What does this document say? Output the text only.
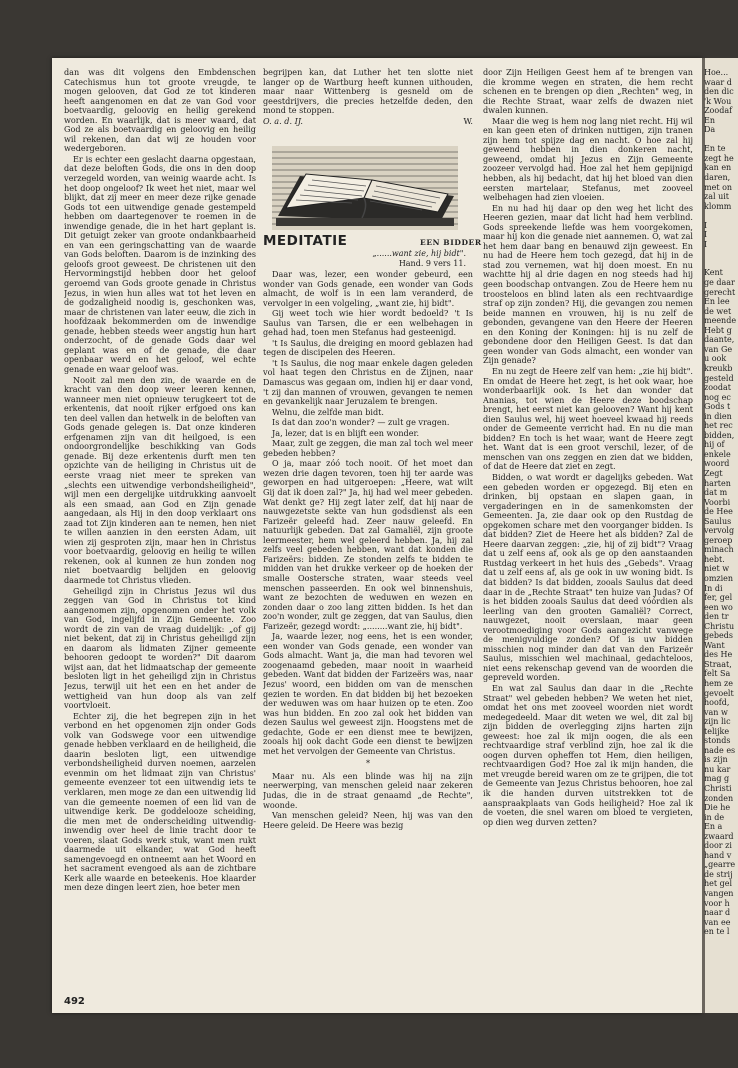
dan was dit volgens den Embdenschen Catechismus hun tot groote vreugde, te mogen gelooven, dat God ze tot kinderen heeft aangenomen en dat ze van God voor boetvaardig, geloovig en heilig gerekend worden. En waarlijk, dat is meer waard, dat God ze als boetvaardig en geloovig en heilig wil rekenen, dan dat wij ze houden voor wedergeboren.

Er is echter een geslacht daarna opgestaan, dat deze beloften Gods, die ons in den doop verzegeld worden, van weinig waarde acht. Is het doop ongeloof? Ik weet het niet, maar wel blijkt, dat zij meer en meer deze rijke genade Gods tot een uitwendige genade gestempeld hebben om daartegenover te roemen in de inwendige genade, die in het hart geplant is. Dit getuigt zeker van groote ondankbaarheid en van een geringschatting van de waarde van Gods beloften. Daarom is de inzinking des geloofs groot geweest. De christenen uit den Hervormingstijd hebben door het geloof geroemd van Gods groote genade in Christus Jezus, in wien hun alles wat tot het leven en de godzaligheid noodig is, geschonken was, maar de christenen van later eeuw, die zich in hoofdzaak bekommerden om de inwendige genade, hebben steeds weer angstig hun hart onderzocht, of de genade Gods daar wel geplant was en of de genade, die daar openbaar werd en het geloof, wel echte genade en waar geloof was.

Nooit zal men den zin, de waarde en de kracht van den doop weer leeren kennen, wanneer men niet opnieuw terugkeert tot de erkentenis, dat nooit rijker erfgoed ons kan ten deel vallen dan hetwelk in de beloften van Gods genade gelegen is. Dat onze kinderen erfgenamen zijn van dit heilgoed, is een ondoorgrondelijke beschikking van Gods genade. Bij deze erkentenis durft men ten opzichte van de heiliging in Christus uit de eerste vraag niet meer te spreken van „slechts een uitwendige verbondsheiligheid", wijl men een dergelijke uitdrukking aanvoelt als een smaad, aan God en Zijn genade aangedaan, als Hij in den doop verklaart ons zaad tot Zijn kinderen aan te nemen, hen niet te willen aanzien in den eersten Adam, uit wien zij gesproten zijn, maar hen in Christus voor boetvaardig, geloovig en heilig te willen rekenen, ook al kunnen ze hun zonden nog niet boetvaardig belijden en geloovig daarmede tot Christus vlieden.

Geheiligd zijn in Christus Jezus wil dus zeggen van God in Christus tot kind aangenomen zijn, opgenomen onder het volk van God, ingelijfd in Zijn Gemeente. Zoo wordt de zin van de vraag duidelijk: „of gij niet bekent, dat zij in Christus geheiligd zijn en daarom als lidmaten Zijner gemeente behooren gedoopt te worden?" Dit daarom wijst aan, dat het lidmaatschap der gemeente besloten ligt in het geheiligd zijn in Christus Jezus, terwijl uit het een en het ander de wettigheid van hun doop als van zelf voortvloeit.

Echter zij, die het begrepen zijn in het verbond en het opgenomen zijn onder Gods volk van Godswege voor een uitwendige genade hebben verklaard en de heiligheid, die daarin besloten ligt, een uitwendige verbondsheiligheid durven noemen, aarzelen evenmin om het lidmaat zijn van Christus' gemeente evenzeer tot een uitwendig iets te verklaren, men moge ze dan een uitwendig lid van die gemeente noemen of een lid van de uitwendige kerk. De goddelooze scheiding, die men met de onderscheiding uitwendig-inwendig over heel de linie tracht door te voeren, slaat Gods werk stuk, want men rukt daarmede uit elkander, wat God heeft samengevoegd en ontneemt aan het Woord en het sacrament evengoed als aan de zichtbare Kerk alle waarde en beteekenis. Hoe klaarder men deze dingen leert zien, hoe beter men

begrijpen kan, dat Luther het ten slotte niet langer op de Wartburg heeft kunnen uithouden, maar naar Wittenberg is gesneld om de geestdrijvers, die precies hetzelfde deden, den mond te stoppen.

O. a. d. IJ.	W.
MEDITATIE	EEN BIDDER
„......want zie, hij bidt".
Hand. 9 vers 11.

Daar was, lezer, een wonder gebeurd, een wonder van Gods genade, een wonder van Gods almacht, de wolf is in een lam veranderd, de vervolger in een volgeling, „want zie, hij bidt".

Gij weet toch wie hier wordt bedoeld? 't Is Saulus van Tarsen, die er een welbehagen in gehad had, toen men Stefanus had gesteenigd.

't Is Saulus, die dreiging en moord geblazen had tegen de discipelen des Heeren.

't Is Saulus, die nog maar enkele dagen geleden vol haat tegen den Christus en de Zijnen, naar Damascus was gegaan om, indien hij er daar vond, 't zij dan mannen of vrouwen, gevangen te nemen en gevankelijk naar Jeruzalem te brengen.

Welnu, die zelfde man bidt.

Is dat dan zoo'n wonder? — zult ge vragen.

Ja, lezer, dat is en blijft een wonder.

Maar, zult ge zeggen, die man zal toch wel meer gebeden hebben?

O ja, maar zóó toch nooit. Of het moet dan wezen drie dagen tevoren, toen hij ter aarde was geworpen en had uitgeroepen: „Heere, wat wilt Gij dat ik doen zal?" Ja, hij had wel meer gebeden. Wat denkt ge? Hij zegt later zelf, dat hij naar de nauwgezetste sekte van hun godsdienst als een Farizeër geleefd had. Zeer nauw geleefd. En natuurlijk gebeden. Dat zal Gamaliël, zijn groote leermeester, hem wel geleerd hebben. Ja, hij zal zelfs veel gebeden hebben, want dat konden die Farizeërs: bidden. Ze stonden zelfs te bidden te midden van het drukke verkeer op de hoeken der smalle Oostersche straten, waar steeds veel menschen passeerden. En ook wel binnenshuis, want ze bezochten de weduwen en wezen en zonden daar o zoo lang zitten bidden. Is het dan zoo'n wonder, zult ge zeggen, dat van Saulus, dien Farizeër, gezegd wordt: „........want zie, hij bidt".

Ja, waarde lezer, nog eens, het is een wonder, een wonder van Gods genade, een wonder van Gods almacht. Want ja, die man had tevoren wel zoogenaamd gebeden, maar nooit in waarheid gebeden. Want dat bidden der Farizeërs was, naar Jezus' woord, een bidden om van de menschen gezien te worden. En dat bidden bij het bezoeken der weduwen was om haar huizen op te eten. Zoo was hun bidden. En zoo zal ook het bidden van dezen Saulus wel geweest zijn. Hoogstens met de gedachte, Gode er een dienst mee te bewijzen, zooals hij ook dacht Gode een dienst te bewijzen met het vervolgen der Gemeente van Christus.

*

Maar nu. Als een blinde was hij na zijn neerwerping, van menschen geleid naar zekeren Judas, die in de straat genaamd „de Rechte", woonde.

Van menschen geleid? Neen, hij was van den Heere geleid. De Heere was bezig

door Zijn Heiligen Geest hem af te brengen van die kromme wegen en straten, die hem recht schenen en te brengen op dien „Rechten" weg, in die Rechte Straat, waar zelfs de dwazen niet dwalen kunnen.

Maar die weg is hem nog lang niet recht. Hij wil en kan geen eten of drinken nuttigen, zijn tranen zijn hem tot spijze dag en nacht. O hoe zal hij geweend hebben in dien donkeren nacht, geweend, omdat hij Jezus en Zijn Gemeente zoozeer vervolgd had. Hoe zal het hem gepijnigd hebben, als hij bedacht, dat hij het bloed van dien eersten martelaar, Stefanus, met zooveel welbehagen had zien vloeien.

En nu had hij daar op den weg het licht des Heeren gezien, maar dat licht had hem verblind. Gods spreekende liefde was hem voorgekomen, maar hij kon die genade niet aannemen. O, wat zal het hem daar bang en benauwd zijn geweest. En nu had de Heere hem toch gezegd, dat hij in de stad zou vernemen, wat hij doen moest. En nu wachtte hij al drie dagen en nog steeds had hij geen boodschap ontvangen. Zou de Heere hem nu troosteloos en blind laten als een rechtvaardige straf op zijn zonden? Hij, die gevangen zou nemen beide mannen en vrouwen, hij is nu zelf de gebonden, gevangene van den Heere der Heeren en den Koning der Koningen: hij is nu zelf de gebondene door den Heiligen Geest. Is dat dan geen wonder van Gods almacht, een wonder van Zijn genade?

En nu zegt de Heere zelf van hem: „zie hij bidt". En omdat de Heere het zegt, is het ook waar, hoe wonderbaarlijk ook. Is het dan wonder dat Ananias, tot wien de Heere deze boodschap brengt, het eerst niet kan gelooven? Want hij kent dien Saulus wel, hij weet hoeveel kwaad hij reeds onder de Gemeente verricht had. En nu die man bidden? En toch is het waar, want de Heere zegt het. Want dat is een groot verschil, lezer, of de menschen van ons zeggen en zien dat we bidden, of dat de Heere dat ziet en zegt.

Bidden, o wat wordt er dagelijks gebeden. Wat een gebeden worden er opgezegd. Bij eten en drinken, bij opstaan en slapen gaan, in vergaderingen en in de samenkomsten der Gemeenten. Ja, zie daar ook op den Rustdag de opgekomen schare met den voorganger bidden. Is dat bidden? Ziet de Heere het als bidden? Zal de Heere daarvan zeggen: „zie, hij of zij bidt"? Vraag dat u zelf eens af, ook als ge op den aanstaanden Rustdag verkeert in het huis des „Gebeds". Vraag dat u zelf eens af, als ge ook in uw woning bidt. Is dat bidden? Is dat bidden, zooals Saulus dat deed daar in de „Rechte Straat" ten huize van Judas? Of is het bidden zooals Saulus dat deed vóórdien als leerling van den grooten Gamaliël? Correct, nauwgezet, nooit overslaan, maar geen verootmoediging voor Gods aangezicht vanwege de menigvuldige zonden? Of is uw bidden misschien nog minder dan dat van den Farizeër Saulus, misschien wel machinaal, gedachteloos, niet eens rekenschap gevend van de woorden die gepreveld worden.

En wat zal Saulus dan daar in die „Rechte Straat" wel gebeden hebben? We weten het niet, omdat het ons met zooveel woorden niet wordt medegedeeld. Maar dit weten we wel, dit zal bij zijn bidden de overlegging zijns harten zijn geweest: hoe zal ik mijn oogen, die als een rechtvaardige straf verblind zijn, hoe zal ik die oogen durven opheffen tot Hem, dien heiligen, rechtvaardigen God? Hoe zal ik mijn handen, die met vreugde bereid waren om ze te grijpen, die tot de Gemeente van Jezus Christus behooren, hoe zal ik die handen durven uitstrekken tot de aanspraakplaats van Gods heiligheid? Hoe zal ik de voeten, die snel waren om bloed te vergieten, op dien weg durven zetten?

Hoe...
waar d
den dic
'k Wou
Zoodaf
En
Da
En te
zegt he
kan en
daren,
met on
zal uit
klomm
I
I
I
Kent
ge daar
gerecht
En lee
de wet
meende
Hebt g
daante,
van Ge
u ook
kreukb
gesteld
zoodat
nog ec
Gods t
in dien
het rec
bidden,
hij of
enkele
woord
Zegt
harten
dat m
Voorbi
de Hee
Saulus
vervolg
geroep
minach
hebt.
niet w
omzien
In di
fer, gel
een wo
den tr
Christu
gebeds
Want
des He
Straat,
felt Sa
hem ze
gevoelt
hoofd,
van w
zijn lic
telijke
stonds
nade es
is zijn
nu kar
mag g
Christi
zonden
Die he
in de
En a
zwaard
door zi
hand v
„gearre
de strij
het gel
vangen
voor h
naar d
van ee
en te l
492
